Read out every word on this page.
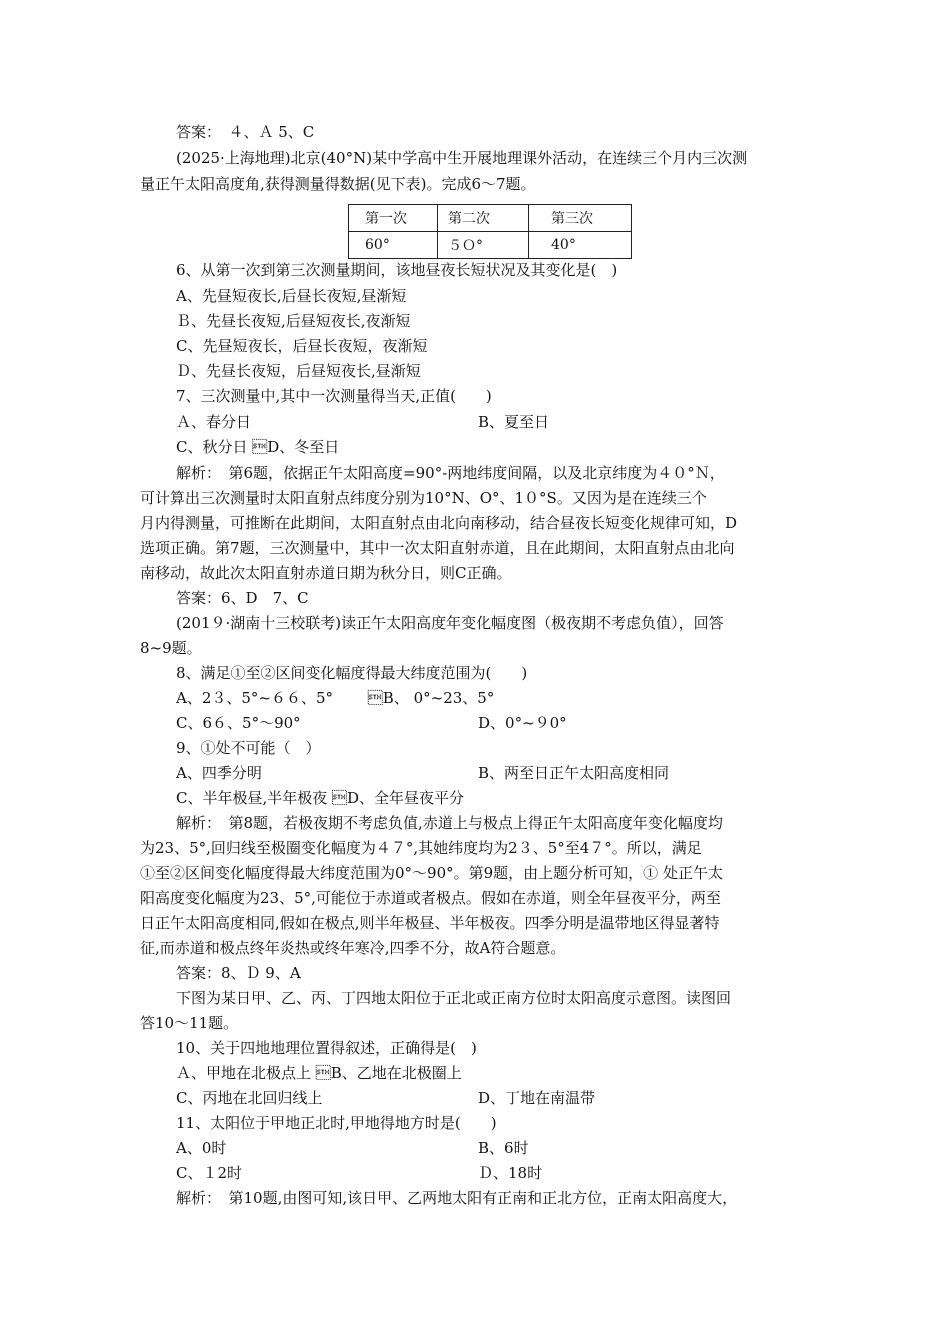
答案：　４、Ａ 5、C
(2025·上海地理)北京(40°N)某中学高中生开展地理课外活动，在连续三个月内三次测
量正午太阳高度角,获得测量得数据(见下表)。完成6～7题。
第一次	第二次	第三次
60°	５Ｏ°	40°
6、从第一次到第三次测量期间，该地昼夜长短状况及其变化是(　)
A、先昼短夜长,后昼长夜短,昼渐短
Ｂ、先昼长夜短,后昼短夜长,夜渐短
C、先昼短夜长，后昼长夜短，夜渐短
Ｄ、先昼长夜短，后昼短夜长,昼渐短
7、三次测量中,其中一次测量得当天,正值(　　)
Ａ、春分日	B、夏至日
C、秋分日 D、冬至日
解析：　第6题，依据正午太阳高度=90°-两地纬度间隔，以及北京纬度为４０°Ｎ，
可计算出三次测量时太阳直射点纬度分别为10°N、O°、1０°S。又因为是在连续三个
月内得测量，可推断在此期间，太阳直射点由北向南移动，结合昼夜长短变化规律可知，D
选项正确。第7题，三次测量中，其中一次太阳直射赤道，且在此期间，太阳直射点由北向
南移动，故此次太阳直射赤道日期为秋分日，则C正确。
答案：6、D　7、C
(201９·湖南十三校联考)读正午太阳高度年变化幅度图（极夜期不考虑负值），回答
8~9题。
8、满足①至②区间变化幅度得最大纬度范围为(　　)
A、2３、5°~６６、5°　　 B、 0°~23、5°
C、6６、5°～90°	D、0°~９0°
9、①处不可能（　）
A、四季分明	B、两至日正午太阳高度相同
C、半年极昼,半年极夜 D、全年昼夜平分
解析：　第8题，若极夜期不考虑负值,赤道上与极点上得正午太阳高度年变化幅度均
为23、5°,回归线至极圈变化幅度为４７°,其她纬度均为2３、5°至4７°。所以，满足
①至②区间变化幅度得最大纬度范围为0°～90°。第9题，由上题分析可知，① 处正午太
阳高度变化幅度为23、5°,可能位于赤道或者极点。假如在赤道，则全年昼夜平分，两至
日正午太阳高度相同,假如在极点,则半年极昼、半年极夜。四季分明是温带地区得显著特
征,而赤道和极点终年炎热或终年寒冷,四季不分，故A符合题意。
答案：8、Ｄ 9、A
下图为某日甲、乙、丙、丁四地太阳位于正北或正南方位时太阳高度示意图。读图回
答10～11题。
10、关于四地地理位置得叙述，正确得是(　)
Ａ、甲地在北极点上 B、乙地在北极圈上
C、丙地在北回归线上	D、丁地在南温带
11、太阳位于甲地正北时,甲地得地方时是(　　)
A、0时	B、6时
C、１2时	Ｄ、18时
解析：　第10题,由图可知,该日甲、乙两地太阳有正南和正北方位，正南太阳高度大，
